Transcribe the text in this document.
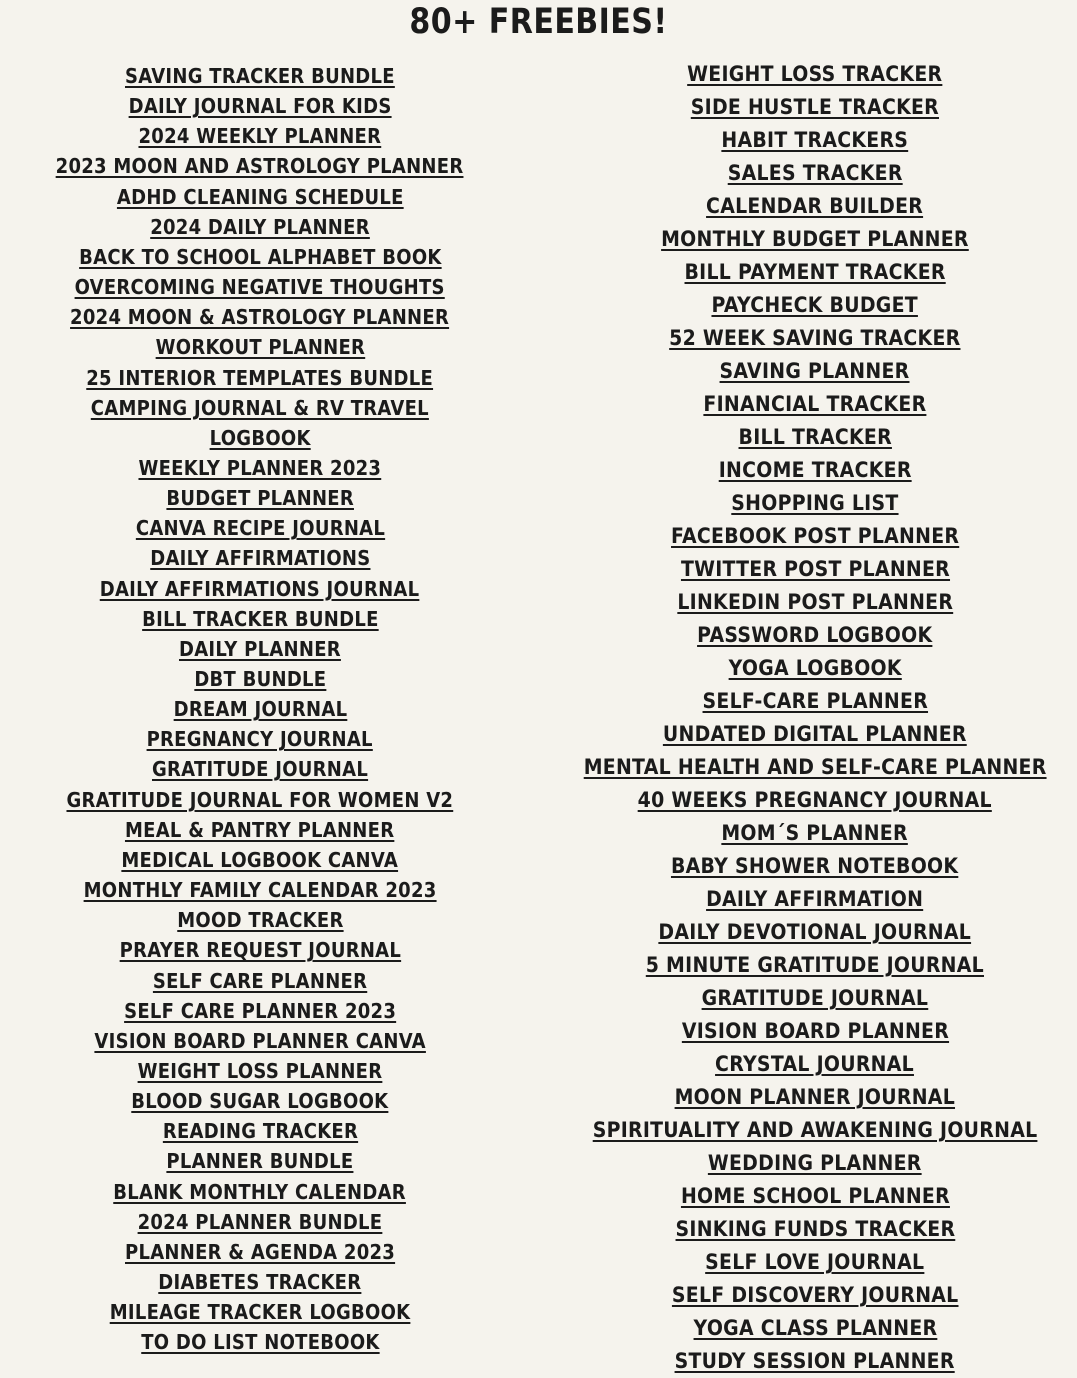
80+ FREEBIES!
SAVING TRACKER BUNDLE
DAILY JOURNAL FOR KIDS
2024 WEEKLY PLANNER
2023 MOON AND ASTROLOGY PLANNER
ADHD CLEANING SCHEDULE
2024 DAILY PLANNER
BACK TO SCHOOL ALPHABET BOOK
OVERCOMING NEGATIVE THOUGHTS
2024 MOON & ASTROLOGY PLANNER
WORKOUT PLANNER
25 INTERIOR TEMPLATES BUNDLE
CAMPING JOURNAL & RV TRAVEL
LOGBOOK
WEEKLY PLANNER 2023
BUDGET PLANNER
CANVA RECIPE JOURNAL
DAILY AFFIRMATIONS
DAILY AFFIRMATIONS JOURNAL
BILL TRACKER BUNDLE
DAILY PLANNER
DBT BUNDLE
DREAM JOURNAL
PREGNANCY JOURNAL
GRATITUDE JOURNAL
GRATITUDE JOURNAL FOR WOMEN V2
MEAL & PANTRY PLANNER
MEDICAL LOGBOOK CANVA
MONTHLY FAMILY CALENDAR 2023
MOOD TRACKER
PRAYER REQUEST JOURNAL
SELF CARE PLANNER
SELF CARE PLANNER 2023
VISION BOARD PLANNER CANVA
WEIGHT LOSS PLANNER
BLOOD SUGAR LOGBOOK
READING TRACKER
PLANNER BUNDLE
BLANK MONTHLY CALENDAR
2024 PLANNER BUNDLE
PLANNER & AGENDA 2023
DIABETES TRACKER
MILEAGE TRACKER LOGBOOK
TO DO LIST NOTEBOOK
WEIGHT LOSS TRACKER
SIDE HUSTLE TRACKER
HABIT TRACKERS
SALES TRACKER
CALENDAR BUILDER
MONTHLY BUDGET PLANNER
BILL PAYMENT TRACKER
PAYCHECK BUDGET
52 WEEK SAVING TRACKER
SAVING PLANNER
FINANCIAL TRACKER
BILL TRACKER
INCOME TRACKER
SHOPPING LIST
FACEBOOK POST PLANNER
TWITTER POST PLANNER
LINKEDIN POST PLANNER
PASSWORD LOGBOOK
YOGA LOGBOOK
SELF-CARE PLANNER
UNDATED DIGITAL PLANNER
MENTAL HEALTH AND SELF-CARE PLANNER
40 WEEKS PREGNANCY JOURNAL
MOM´S PLANNER
BABY SHOWER NOTEBOOK
DAILY AFFIRMATION
DAILY DEVOTIONAL JOURNAL
5 MINUTE GRATITUDE JOURNAL
GRATITUDE JOURNAL
VISION BOARD PLANNER
CRYSTAL JOURNAL
MOON PLANNER JOURNAL
SPIRITUALITY AND AWAKENING JOURNAL
WEDDING PLANNER
HOME SCHOOL PLANNER
SINKING FUNDS TRACKER
SELF LOVE JOURNAL
SELF DISCOVERY JOURNAL
YOGA CLASS PLANNER
STUDY SESSION PLANNER
